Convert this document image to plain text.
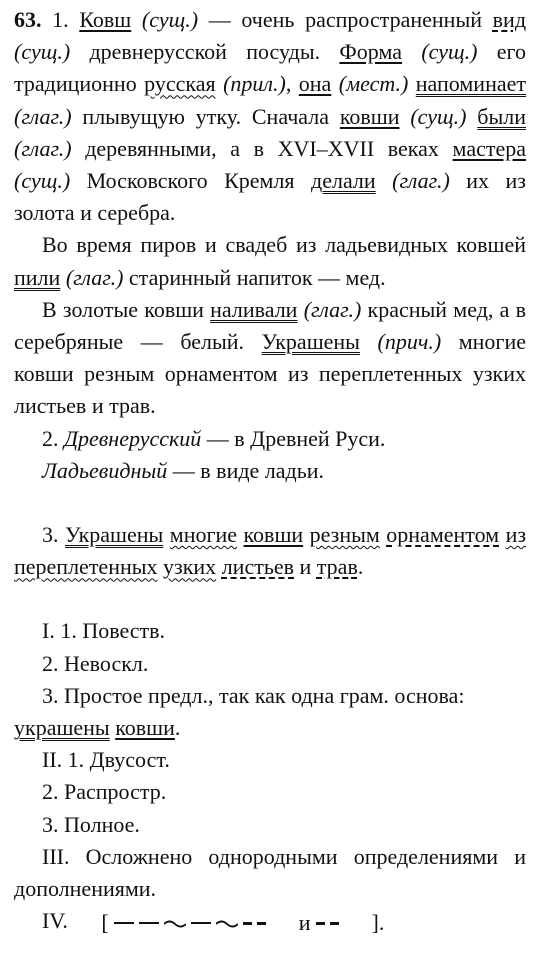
63. 1. Ковш (сущ.) — очень распространенный вид (сущ.) древнерусской посуды. Форма (сущ.) его традиционно русская (прил.), она (мест.) напоминает (глаг.) плывущую утку. Сначала ковши (сущ.) были (глаг.) деревянными, а в XVI–XVII веках мастера (сущ.) Московского Кремля делали (глаг.) их из золота и серебра.

Во время пиров и свадеб из ладьевидных ковшей пили (глаг.) старинный напиток — мед.

В золотые ковши наливали (глаг.) красный мед, а в серебряные — белый. Украшены (прич.) многие ковши резным орнаментом из переплетенных узких листьев и трав.

2. Древнерусский — в Древней Руси.

Ладьевидный — в виде ладьи.

3. Украшены многие ковши резным орнаментом из переплетенных узких листьев и трав.

I. 1. Повеств.

2. Невоскл.

3. Простое предл., так как одна грам. основа:

украшены ковши.

II. 1. Двусост.

2. Распростр.

3. Полное.

III. Осложнено однородными определениями и дополнениями.

IV.	[	и	].
